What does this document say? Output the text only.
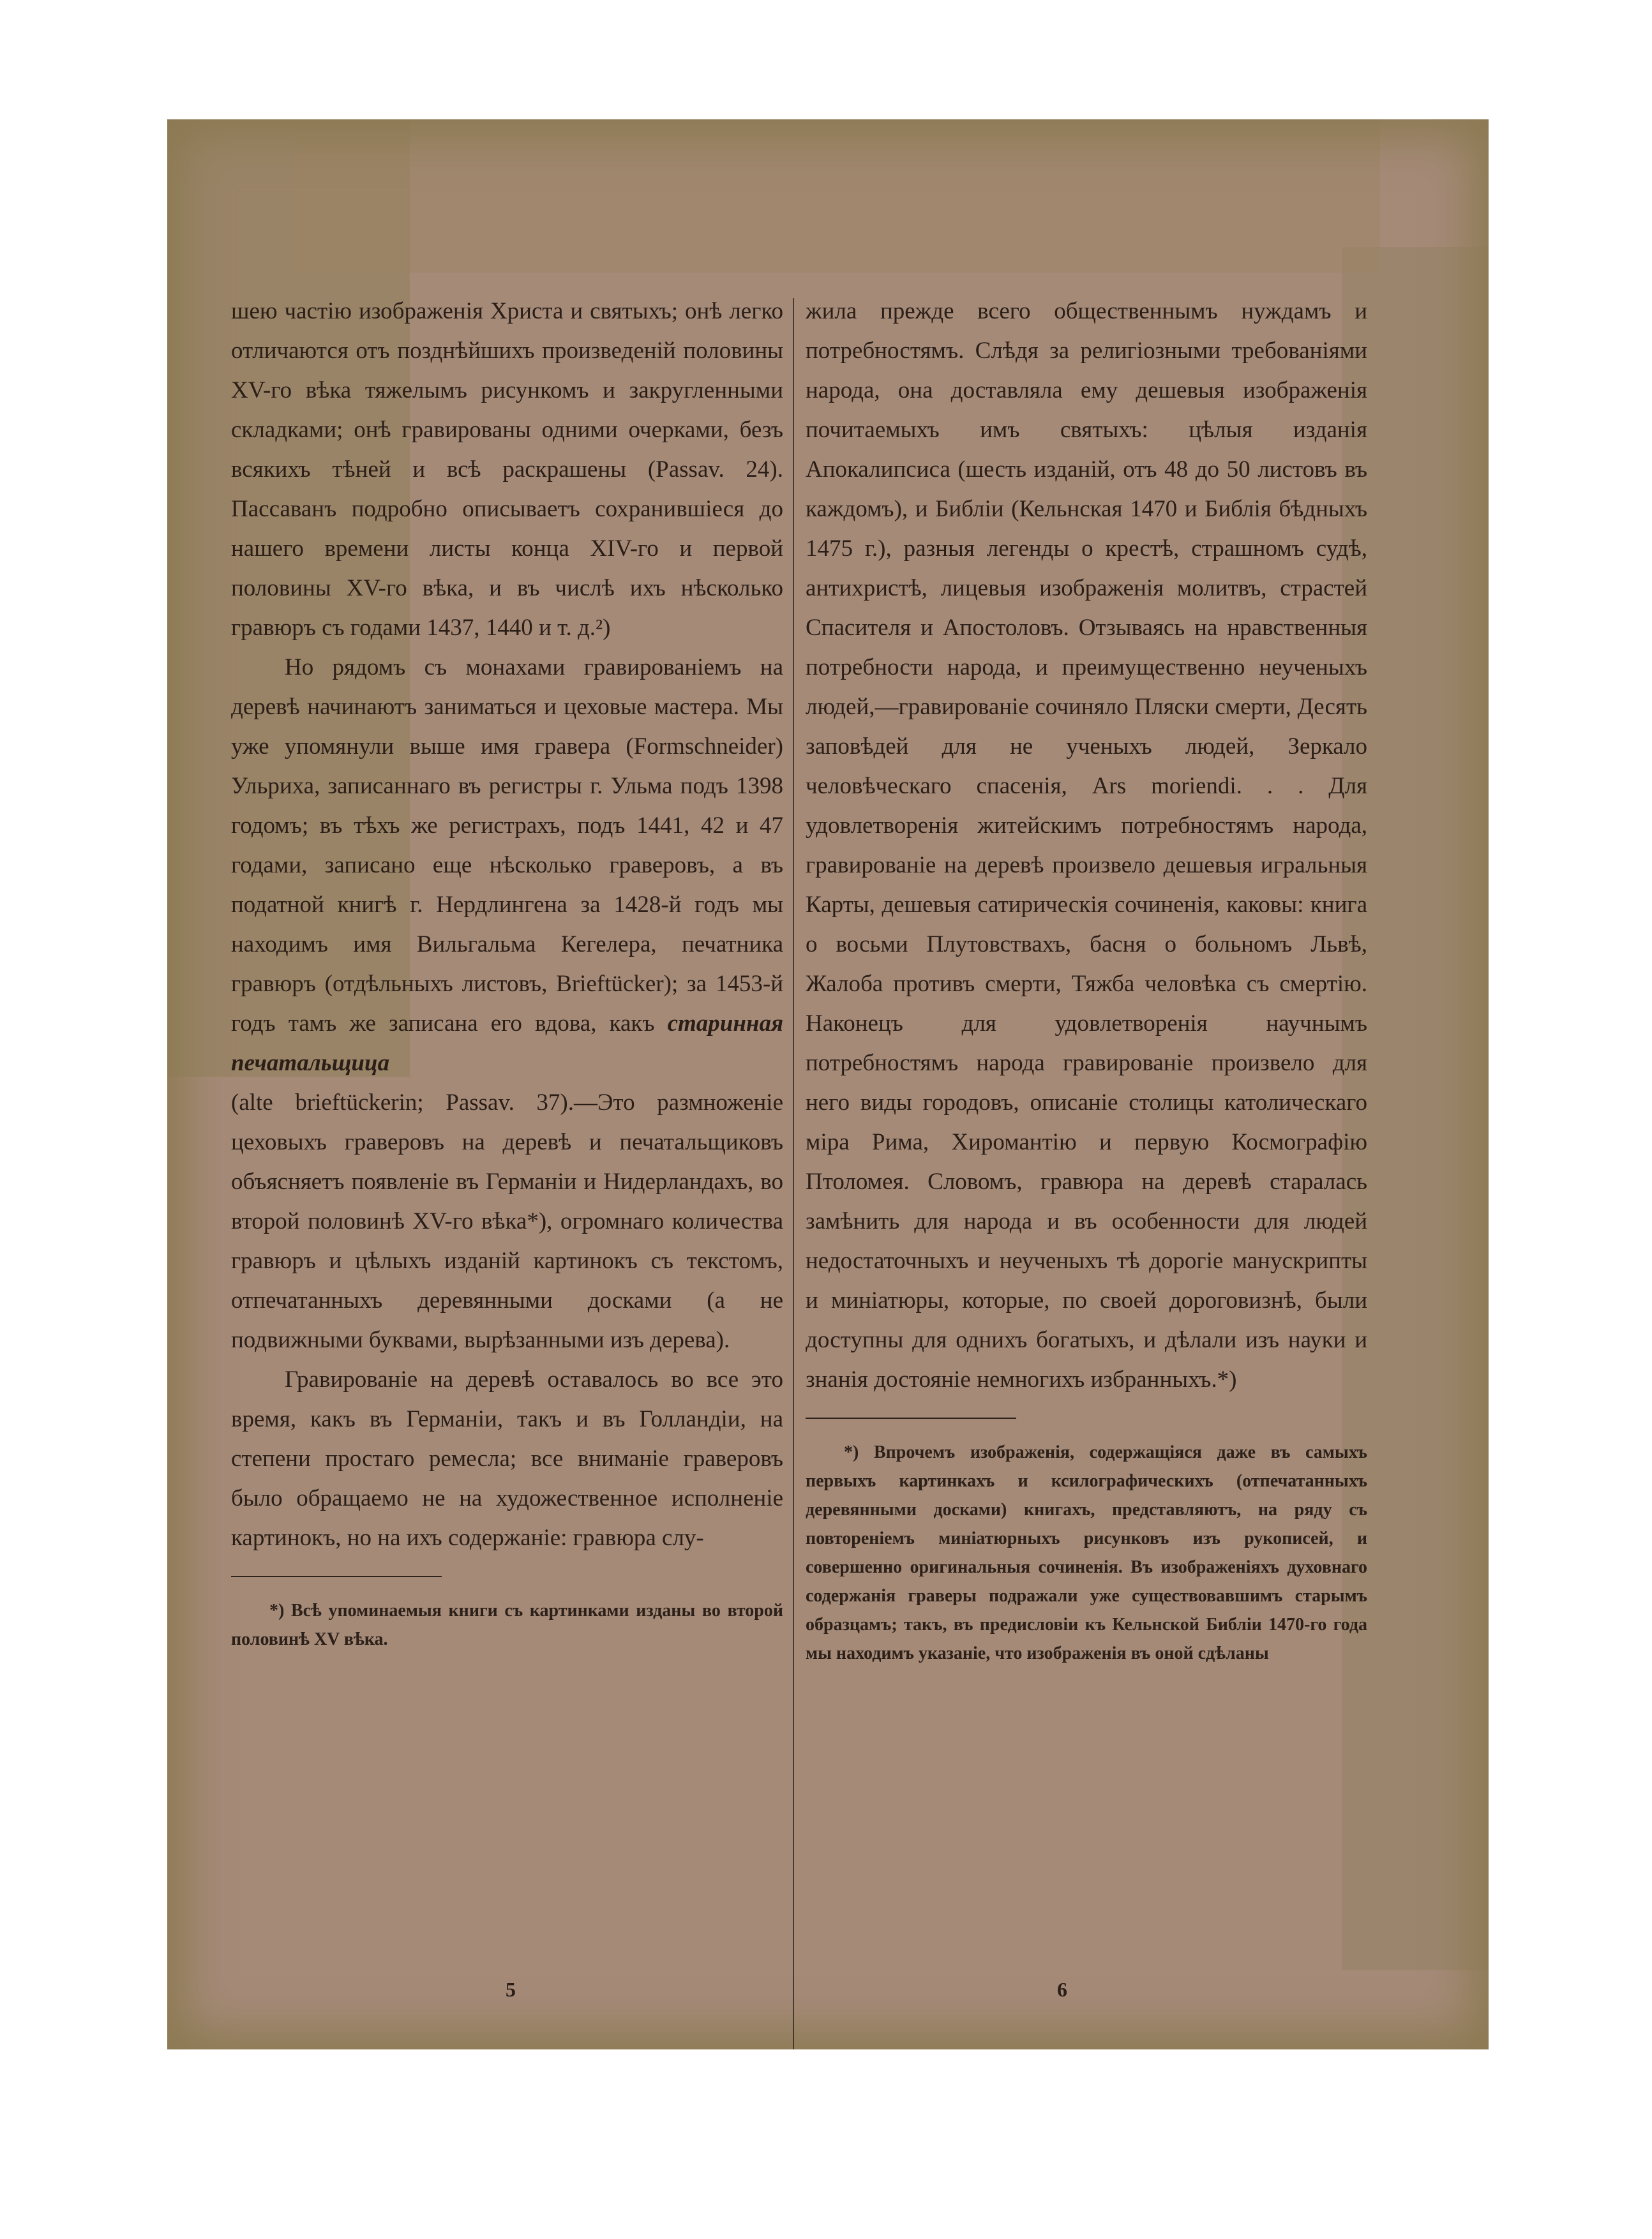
шею частію изображенія Христа и святыхъ; онѣ легко отличаются отъ позднѣйшихъ произведеній половины XV-го вѣка тяжелымъ рисункомъ и закругленными складками; онѣ гравированы одними очерками, безъ всякихъ тѣней и всѣ раскрашены (Passav. 24). Пассаванъ подробно описываетъ сохранившіеся до нашего времени листы конца XIV-го и первой половины XV-го вѣка, и въ числѣ ихъ нѣсколько гравюръ съ годами 1437, 1440 и т. д.²)

Но рядомъ съ монахами гравированіемъ на деревѣ начинаютъ заниматься и цеховые мастера. Мы уже упомянули выше имя гравера (Formschneider) Ульриха, записаннаго въ регистры г. Ульма подъ 1398 годомъ; въ тѣхъ же регистрахъ, подъ 1441, 42 и 47 годами, записано еще нѣсколько граверовъ, а въ податной книгѣ г. Нердлингена за 1428-й годъ мы находимъ имя Вильгальма Кегелера, печатника гравюръ (отдѣльныхъ листовъ, Brieftücker); за 1453-й годъ тамъ же записана его вдова, какъ старинная печатальщица

(alte brieftückerin; Passav. 37).—Это размноженіе цеховыхъ граверовъ на деревѣ и печатальщиковъ объясняетъ появленіе въ Германіи и Нидерландахъ, во второй половинѣ XV-го вѣка*), огромнаго количества гравюръ и цѣлыхъ изданій картинокъ съ текстомъ, отпечатанныхъ деревянными досками (а не подвижными буквами, вырѣзанными изъ дерева).

Гравированіе на деревѣ оставалось во все это время, какъ въ Германіи, такъ и въ Голландіи, на степени простаго ремесла; все вниманіе граверовъ было обращаемо не на художественное исполненіе картинокъ, но на ихъ содержаніе: гравюра слу-

*) Всѣ упоминаемыя книги съ картинками изданы во второй половинѣ XV вѣка.

жила прежде всего общественнымъ нуждамъ и потребностямъ. Слѣдя за религіозными требованіями народа, она доставляла ему дешевыя изображенія почитаемыхъ имъ святыхъ: цѣлыя изданія Апокалипсиса (шесть изданій, отъ 48 до 50 листовъ въ каждомъ), и Библіи (Кельнская 1470 и Библія бѣдныхъ 1475 г.), разныя легенды о крестѣ, страшномъ судѣ, антихристѣ, лицевыя изображенія молитвъ, страстей Спасителя и Апостоловъ. Отзываясь на нравственныя потребности народа, и преимущественно неученыхъ людей,—гравированіе сочиняло Пляски смерти, Десять заповѣдей для не ученыхъ людей, Зеркало человѣческаго спасенія, Ars moriendi. . . Для удовлетворенія житейскимъ потребностямъ народа, гравированіе на деревѣ произвело дешевыя игральныя Карты, дешевыя сатирическія сочиненія, каковы: книга о восьми Плутовствахъ, басня о больномъ Львѣ, Жалоба противъ смерти, Тяжба человѣка съ смертію. Наконецъ для удовлетворенія научнымъ потребностямъ народа гравированіе произвело для него виды городовъ, описаніе столицы католическаго міра Рима, Хиромантію и первую Космографію Птоломея. Словомъ, гравюра на деревѣ старалась замѣнить для народа и въ особенности для людей недостаточныхъ и неученыхъ тѣ дорогіе манускрипты и миніатюры, которые, по своей дороговизнѣ, были доступны для однихъ богатыхъ, и дѣлали изъ науки и знанія достояніе немногихъ избранныхъ.*)

*) Впрочемъ изображенія, содержащіяся даже въ самыхъ первыхъ картинкахъ и ксилографическихъ (отпечатанныхъ деревянными досками) книгахъ, представляютъ, на ряду съ повтореніемъ миніатюрныхъ рисунковъ изъ рукописей, и совершенно оригинальныя сочиненія. Въ изображеніяхъ духовнаго содержанія граверы подражали уже существовавшимъ старымъ образцамъ; такъ, въ предисловіи къ Кельнской Библіи 1470-го года мы находимъ указаніе, что изображенія въ оной сдѣланы

5	6
